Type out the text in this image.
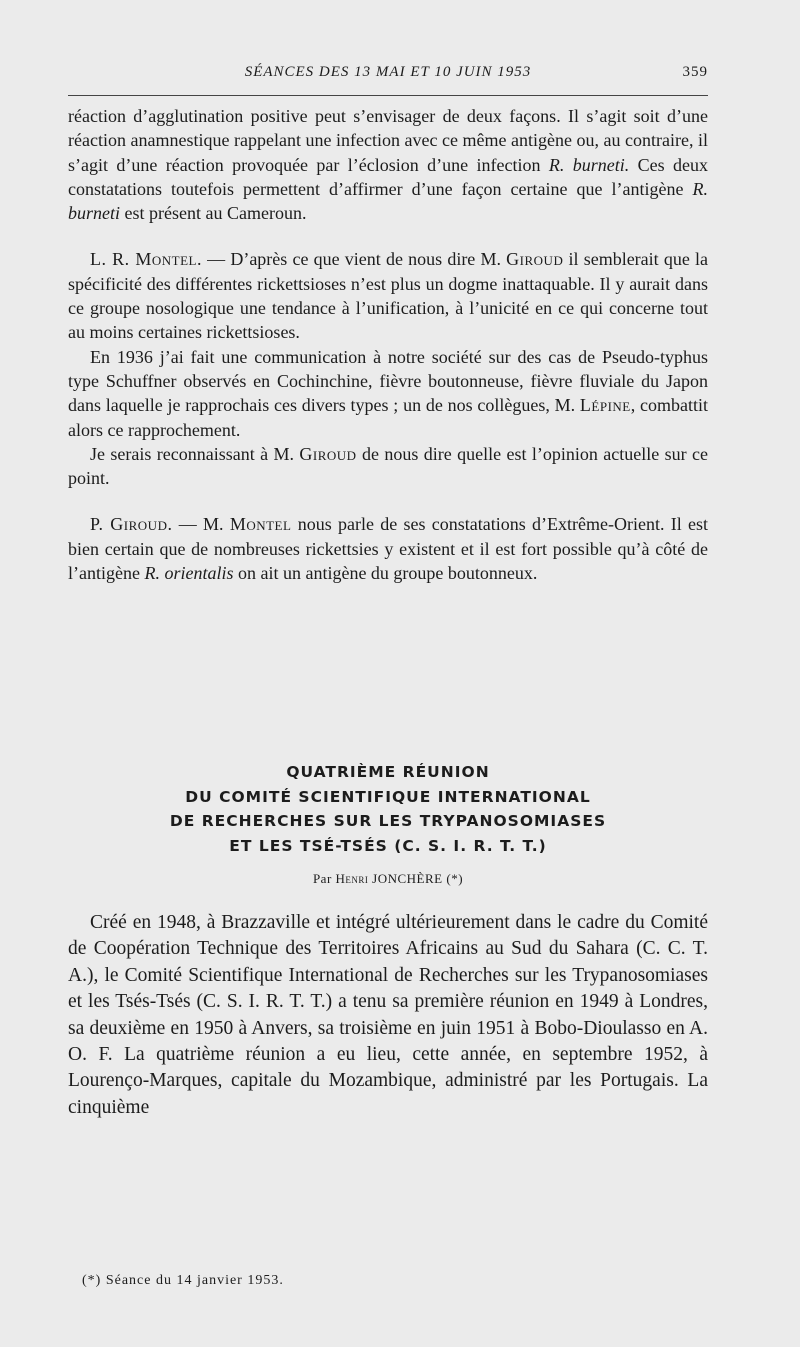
SÉANCES DES 13 MAI ET 10 JUIN 1953	359

réaction d’agglutination positive peut s’envisager de deux façons. Il s’agit soit d’une réaction anamnestique rappelant une infection avec ce même antigène ou, au contraire, il s’agit d’une réaction provoquée par l’éclosion d’une infection R. burneti. Ces deux constatations toutefois permettent d’affirmer d’une façon certaine que l’antigène R. burneti est présent au Cameroun.

L. R. Montel. — D’après ce que vient de nous dire M. Giroud il semblerait que la spécificité des différentes rickettsioses n’est plus un dogme inattaquable. Il y aurait dans ce groupe nosologique une tendance à l’unification, à l’unicité en ce qui concerne tout au moins certaines rickettsioses.

En 1936 j’ai fait une communication à notre société sur des cas de Pseudo-typhus type Schuffner observés en Cochinchine, fièvre boutonneuse, fièvre fluviale du Japon dans laquelle je rapprochais ces divers types ; un de nos collègues, M. Lépine, combattit alors ce rapprochement.

Je serais reconnaissant à M. Giroud de nous dire quelle est l’opinion actuelle sur ce point.

P. Giroud. — M. Montel nous parle de ses constatations d’Extrême-Orient. Il est bien certain que de nombreuses rickettsies y existent et il est fort possible qu’à côté de l’antigène R. orientalis on ait un antigène du groupe boutonneux.

QUATRIÈME RÉUNION
DU COMITÉ SCIENTIFIQUE INTERNATIONAL
DE RECHERCHES SUR LES TRYPANOSOMIASES
ET LES TSÉ-TSÉS (C. S. I. R. T. T.)
Par Henri JONCHÈRE (*)

Créé en 1948, à Brazzaville et intégré ultérieurement dans le cadre du Comité de Coopération Technique des Territoires Africains au Sud du Sahara (C. C. T. A.), le Comité Scientifique International de Recherches sur les Trypanosomiases et les Tsés-Tsés (C. S. I. R. T. T.) a tenu sa première réunion en 1949 à Londres, sa deuxième en 1950 à Anvers, sa troisième en juin 1951 à Bobo-Dioulasso en A. O. F. La quatrième réunion a eu lieu, cette année, en septembre 1952, à Lourenço-Marques, capitale du Mozambique, administré par les Portugais. La cinquième

(*) Séance du 14 janvier 1953.
